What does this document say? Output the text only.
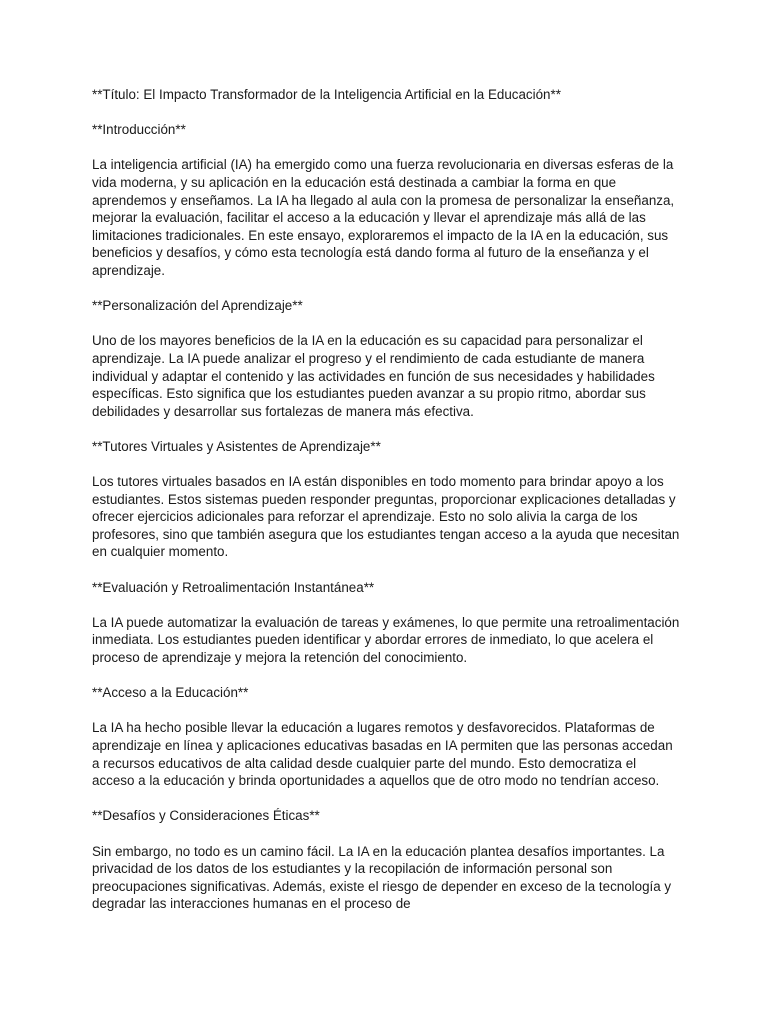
**Título: El Impacto Transformador de la Inteligencia Artificial en la Educación**

**Introducción**

La inteligencia artificial (IA) ha emergido como una fuerza revolucionaria en diversas esferas de la vida moderna, y su aplicación en la educación está destinada a cambiar la forma en que aprendemos y enseñamos. La IA ha llegado al aula con la promesa de personalizar la enseñanza, mejorar la evaluación, facilitar el acceso a la educación y llevar el aprendizaje más allá de las limitaciones tradicionales. En este ensayo, exploraremos el impacto de la IA en la educación, sus beneficios y desafíos, y cómo esta tecnología está dando forma al futuro de la enseñanza y el aprendizaje.

**Personalización del Aprendizaje**

Uno de los mayores beneficios de la IA en la educación es su capacidad para personalizar el aprendizaje. La IA puede analizar el progreso y el rendimiento de cada estudiante de manera individual y adaptar el contenido y las actividades en función de sus necesidades y habilidades específicas. Esto significa que los estudiantes pueden avanzar a su propio ritmo, abordar sus debilidades y desarrollar sus fortalezas de manera más efectiva.

**Tutores Virtuales y Asistentes de Aprendizaje**

Los tutores virtuales basados en IA están disponibles en todo momento para brindar apoyo a los estudiantes. Estos sistemas pueden responder preguntas, proporcionar explicaciones detalladas y ofrecer ejercicios adicionales para reforzar el aprendizaje. Esto no solo alivia la carga de los profesores, sino que también asegura que los estudiantes tengan acceso a la ayuda que necesitan en cualquier momento.

**Evaluación y Retroalimentación Instantánea**

La IA puede automatizar la evaluación de tareas y exámenes, lo que permite una retroalimentación inmediata. Los estudiantes pueden identificar y abordar errores de inmediato, lo que acelera el proceso de aprendizaje y mejora la retención del conocimiento.

**Acceso a la Educación**

La IA ha hecho posible llevar la educación a lugares remotos y desfavorecidos. Plataformas de aprendizaje en línea y aplicaciones educativas basadas en IA permiten que las personas accedan a recursos educativos de alta calidad desde cualquier parte del mundo. Esto democratiza el acceso a la educación y brinda oportunidades a aquellos que de otro modo no tendrían acceso.

**Desafíos y Consideraciones Éticas**

Sin embargo, no todo es un camino fácil. La IA en la educación plantea desafíos importantes. La privacidad de los datos de los estudiantes y la recopilación de información personal son preocupaciones significativas. Además, existe el riesgo de depender en exceso de la tecnología y degradar las interacciones humanas en el proceso de
